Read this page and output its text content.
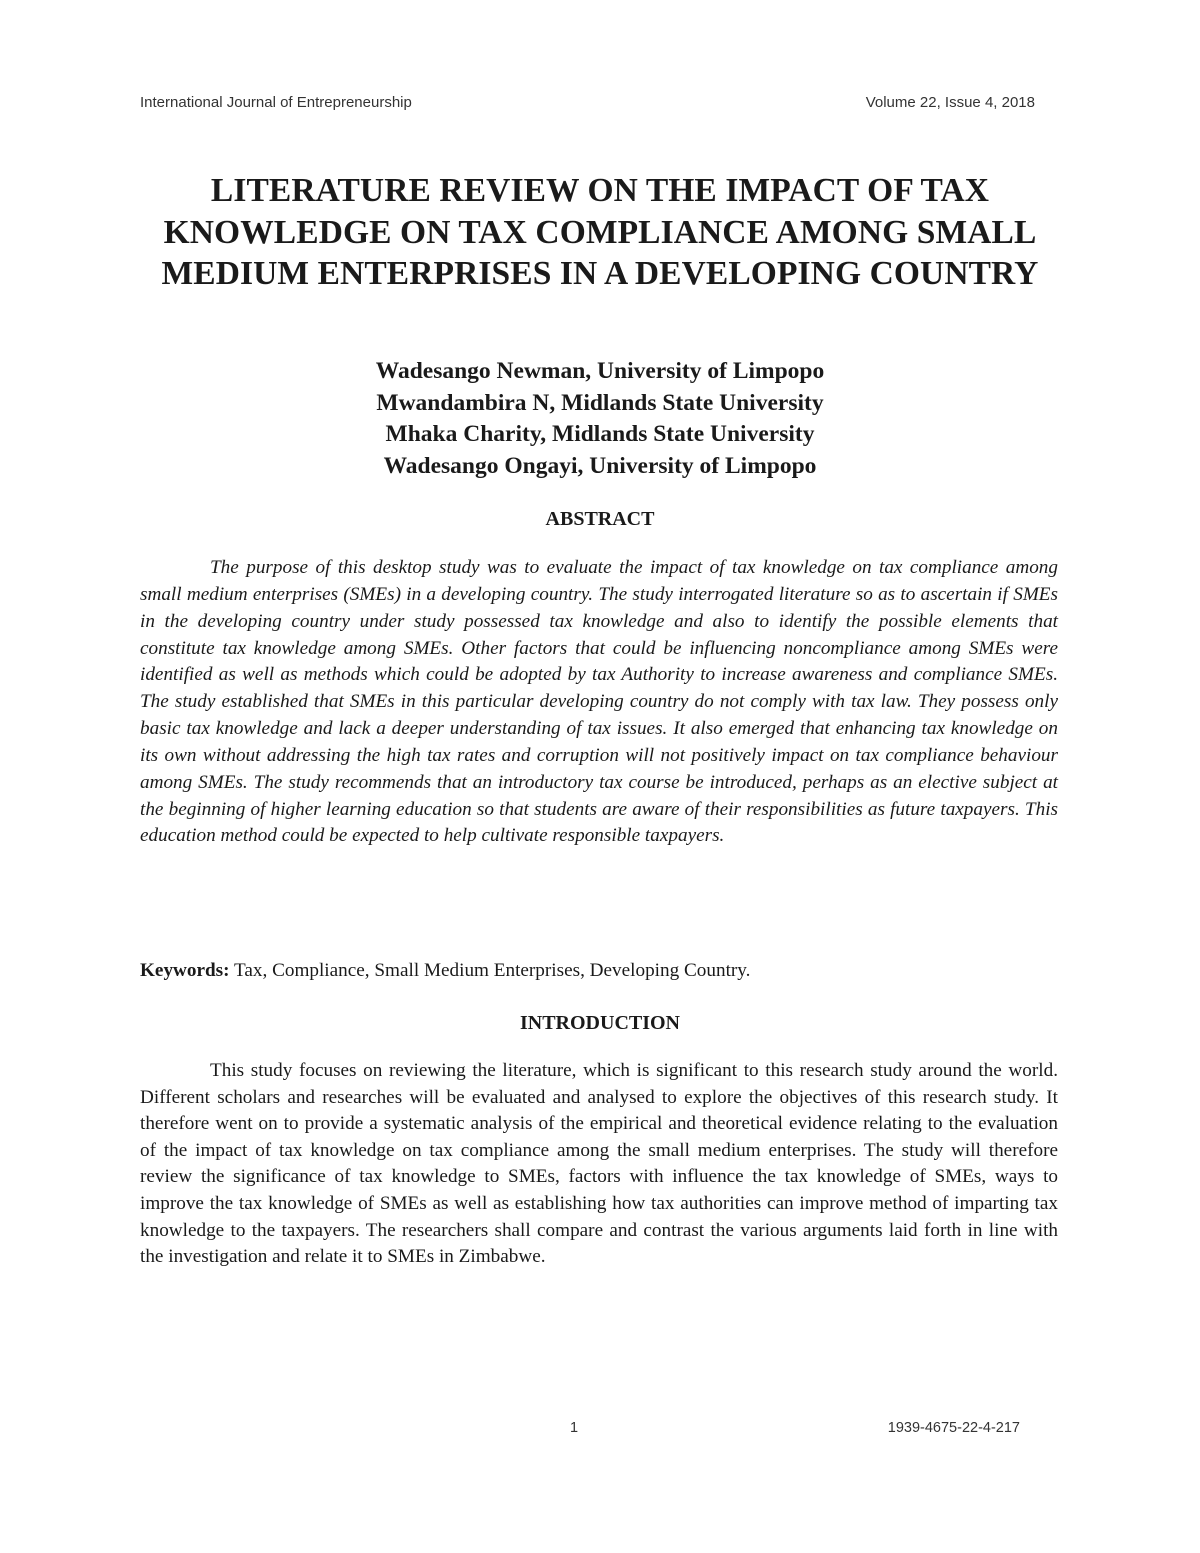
International Journal of Entrepreneurship	Volume 22, Issue 4, 2018
LITERATURE REVIEW ON THE IMPACT OF TAX KNOWLEDGE ON TAX COMPLIANCE AMONG SMALL MEDIUM ENTERPRISES IN A DEVELOPING COUNTRY
Wadesango Newman, University of Limpopo
Mwandambira N, Midlands State University
Mhaka Charity, Midlands State University
Wadesango Ongayi, University of Limpopo
ABSTRACT

The purpose of this desktop study was to evaluate the impact of tax knowledge on tax compliance among small medium enterprises (SMEs) in a developing country. The study interrogated literature so as to ascertain if SMEs in the developing country under study possessed tax knowledge and also to identify the possible elements that constitute tax knowledge among SMEs. Other factors that could be influencing noncompliance among SMEs were identified as well as methods which could be adopted by tax Authority to increase awareness and compliance SMEs. The study established that SMEs in this particular developing country do not comply with tax law. They possess only basic tax knowledge and lack a deeper understanding of tax issues. It also emerged that enhancing tax knowledge on its own without addressing the high tax rates and corruption will not positively impact on tax compliance behaviour among SMEs. The study recommends that an introductory tax course be introduced, perhaps as an elective subject at the beginning of higher learning education so that students are aware of their responsibilities as future taxpayers. This education method could be expected to help cultivate responsible taxpayers.

Keywords: Tax, Compliance, Small Medium Enterprises, Developing Country.

INTRODUCTION

This study focuses on reviewing the literature, which is significant to this research study around the world. Different scholars and researches will be evaluated and analysed to explore the objectives of this research study. It therefore went on to provide a systematic analysis of the empirical and theoretical evidence relating to the evaluation of the impact of tax knowledge on tax compliance among the small medium enterprises. The study will therefore review the significance of tax knowledge to SMEs, factors with influence the tax knowledge of SMEs, ways to improve the tax knowledge of SMEs as well as establishing how tax authorities can improve method of imparting tax knowledge to the taxpayers. The researchers shall compare and contrast the various arguments laid forth in line with the investigation and relate it to SMEs in Zimbabwe.

1	1939-4675-22-4-217
